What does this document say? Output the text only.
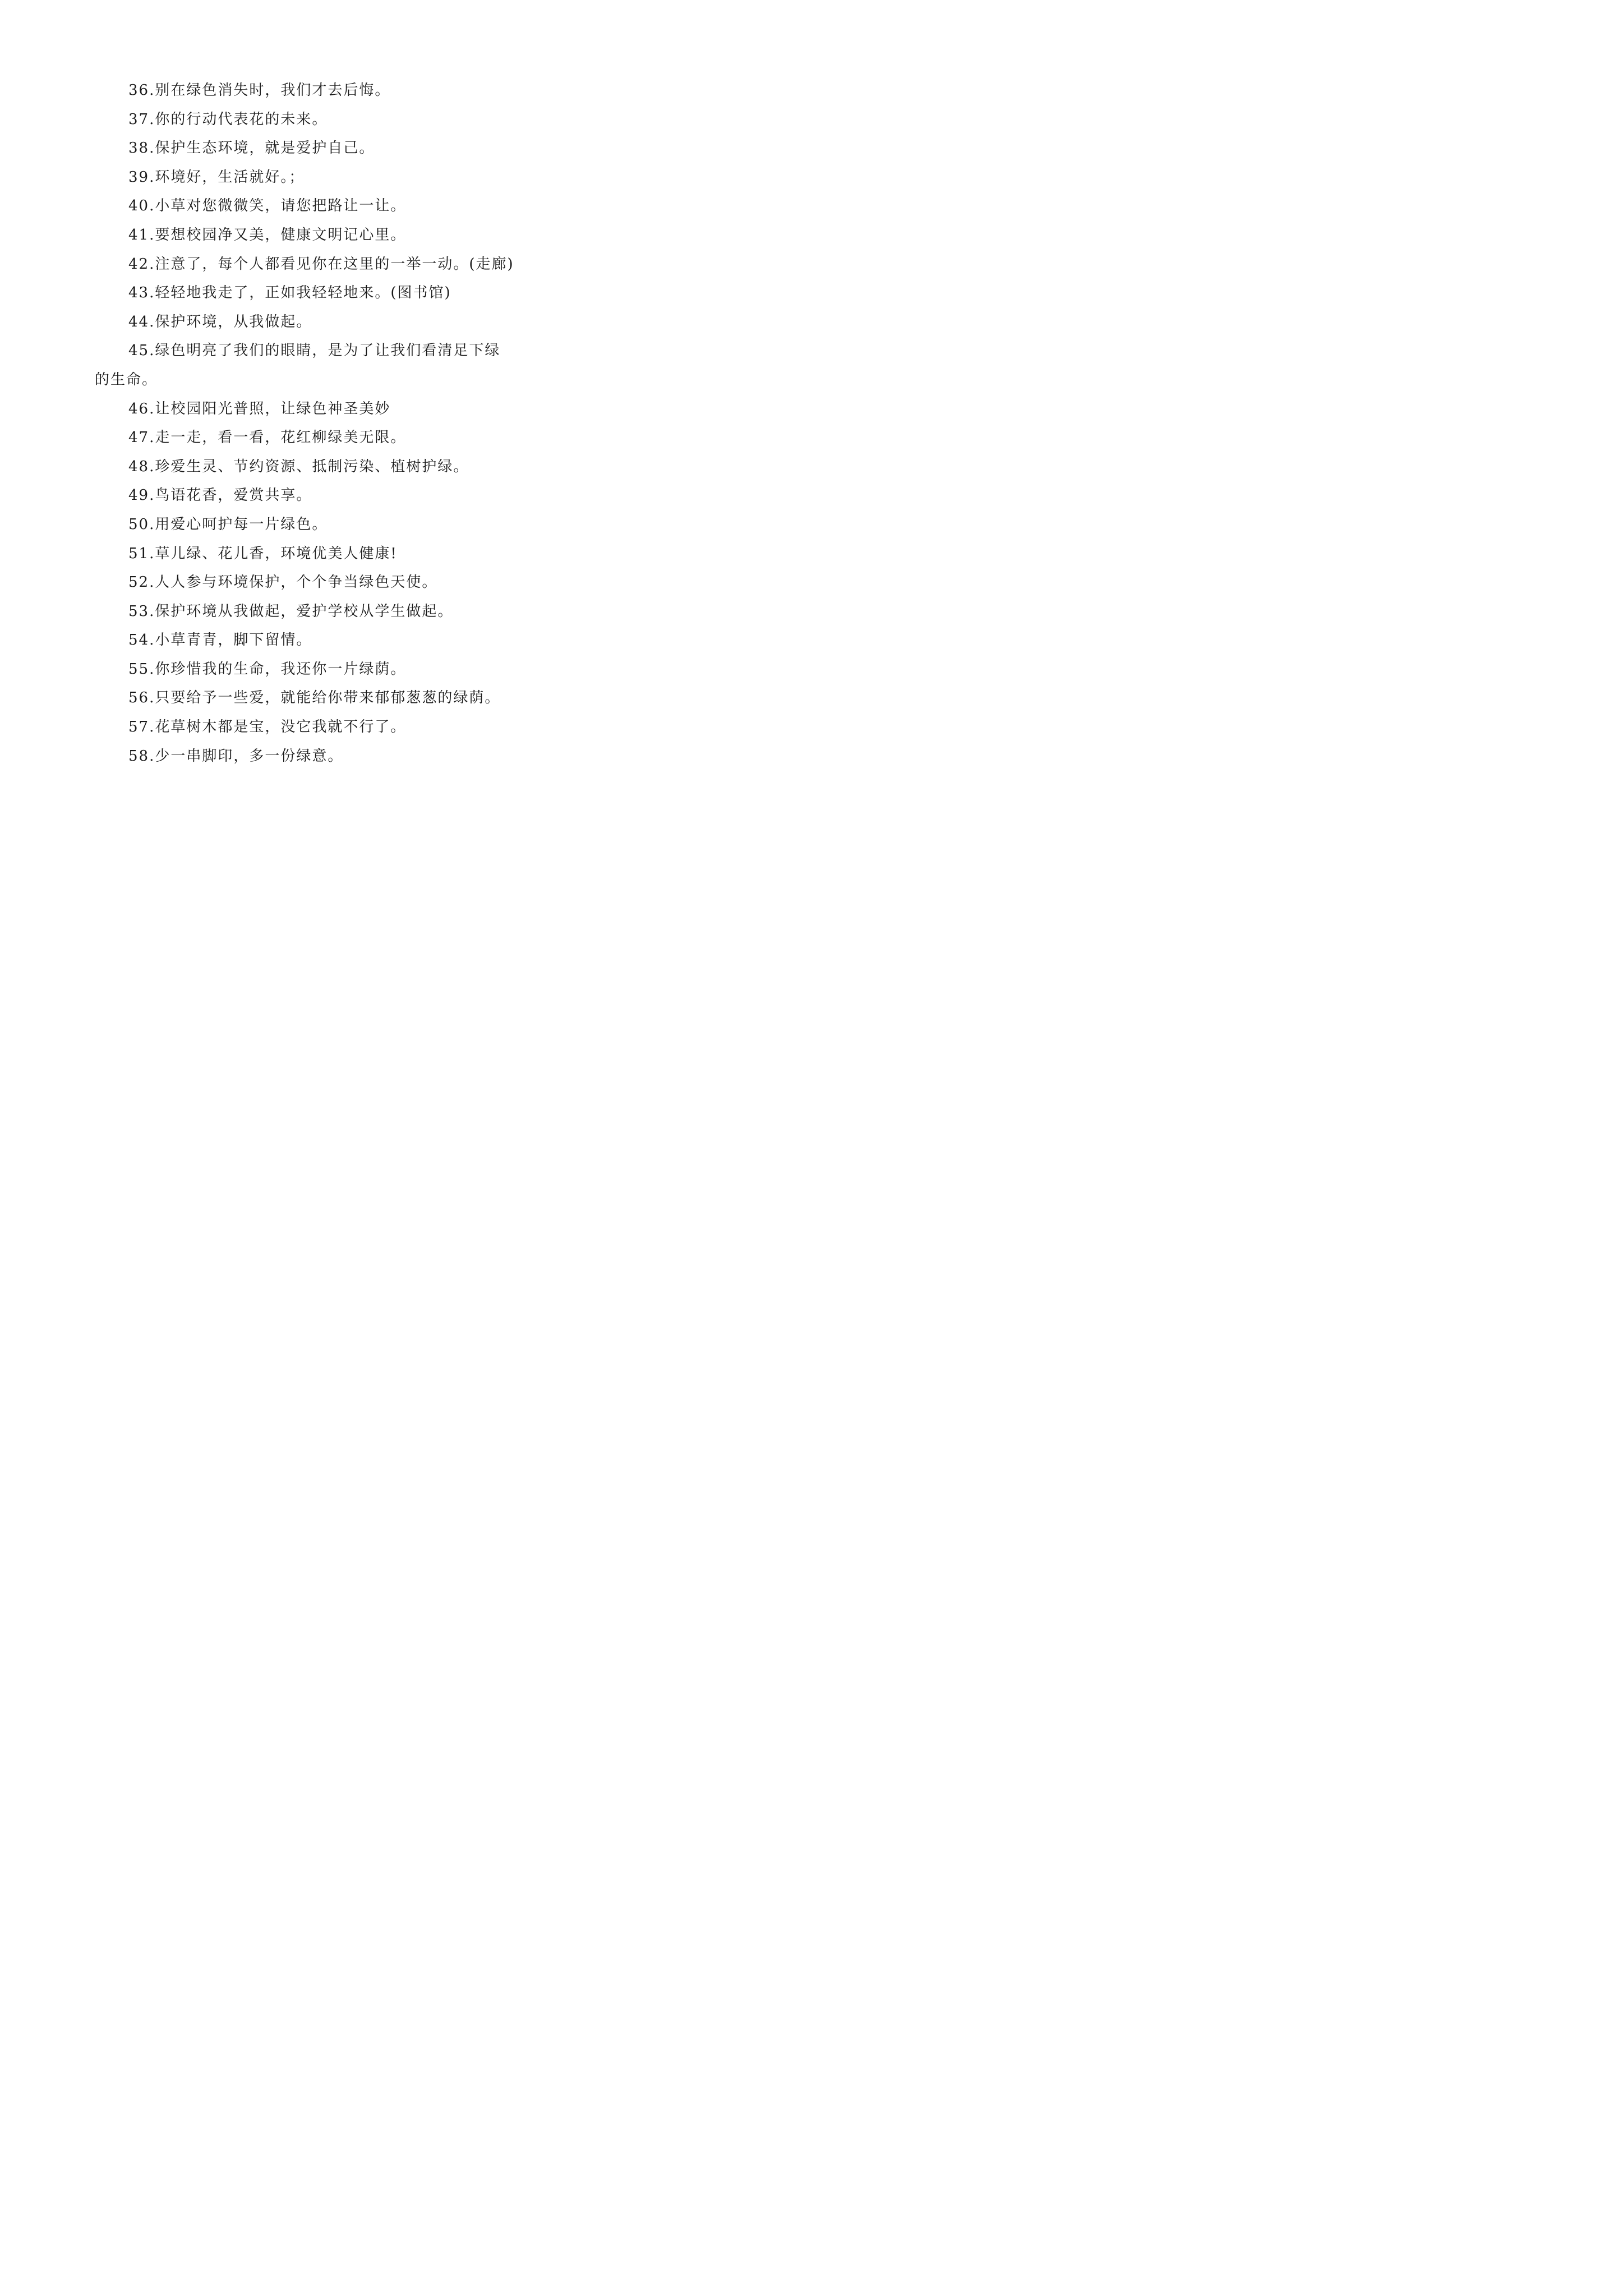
36.别在绿色消失时，我们才去后悔。
37.你的行动代表花的未来。
38.保护生态环境，就是爱护自己。
39.环境好，生活就好。；
40.小草对您微微笑，请您把路让一让。
41.要想校园净又美，健康文明记心里。
42.注意了，每个人都看见你在这里的一举一动。(走廊)
43.轻轻地我走了，正如我轻轻地来。(图书馆)
44.保护环境，从我做起。
45.绿色明亮了我们的眼睛，是为了让我们看清足下绿
的生命。
46.让校园阳光普照，让绿色神圣美妙
47.走一走，看一看，花红柳绿美无限。
48.珍爱生灵、节约资源、抵制污染、植树护绿。
49.鸟语花香，爱赏共享。
50.用爱心呵护每一片绿色。
51.草儿绿、花儿香，环境优美人健康!
52.人人参与环境保护，个个争当绿色天使。
53.保护环境从我做起，爱护学校从学生做起。
54.小草青青，脚下留情。
55.你珍惜我的生命，我还你一片绿荫。
56.只要给予一些爱，就能给你带来郁郁葱葱的绿荫。
57.花草树木都是宝，没它我就不行了。
58.少一串脚印，多一份绿意。
